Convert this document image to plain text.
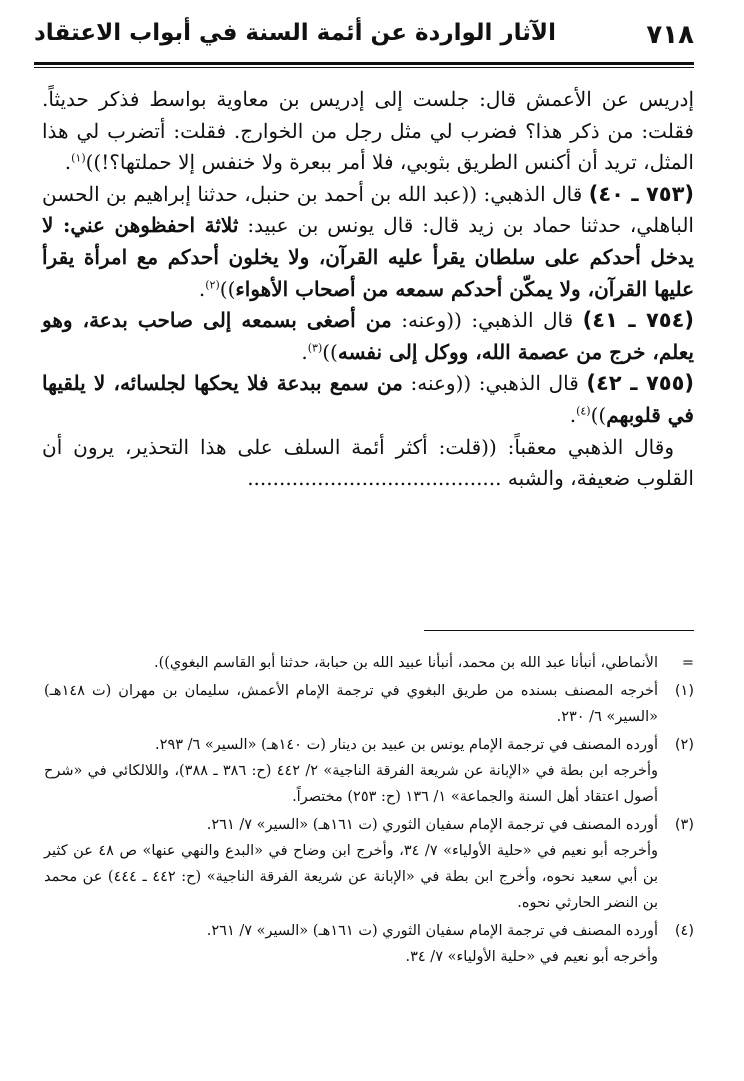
٧١٨
الآثار الواردة عن أئمة السنة في أبواب الاعتقاد

إدريس عن الأعمش قال: جلست إلى إدريس بن معاوية بواسط فذكر حديثاً. فقلت: من ذكر هذا؟ فضرب لي مثل رجل من الخوارج. فقلت: أتضرب لي هذا المثل، تريد أن أكنس الطريق بثوبي، فلا أمر ببعرة ولا خنفس إلا حملتها؟!))$^{(١)}$.

(٧٥٣ ـ ٤٠) قال الذهبي: ((عبد الله بن أحمد بن حنبل، حدثنا إبراهيم بن الحسن الباهلي، حدثنا حماد بن زيد قال: قال يونس بن عبيد: ثلاثة احفظوهن عني: لا يدخل أحدكم على سلطان يقرأ عليه القرآن، ولا يخلون أحدكم مع امرأة يقرأ عليها القرآن، ولا يمكّن أحدكم سمعه من أصحاب الأهواء))$^{(٢)}$.

(٧٥٤ ـ ٤١) قال الذهبي: ((وعنه: من أصغى بسمعه إلى صاحب بدعة، وهو يعلم، خرج من عصمة الله، ووكل إلى نفسه))$^{(٣)}$.

(٧٥٥ ـ ٤٢) قال الذهبي: ((وعنه: من سمع ببدعة فلا يحكها لجلسائه، لا يلقيها في قلوبهم))$^{(٤)}$.

وقال الذهبي معقباً: ((قلت: أكثر أئمة السلف على هذا التحذير، يرون أن القلوب ضعيفة، والشبه ........................................

=

الأنماطي، أنبأنا عبد الله بن محمد، أنبأنا عبيد الله بن حبابة، حدثنا أبو القاسم البغوي)).

(١)

أخرجه المصنف بسنده من طريق البغوي في ترجمة الإمام الأعمش، سليمان بن مهران (ت ١٤٨هـ) «السير» ٦/ ٢٣٠.

(٢)

أورده المصنف في ترجمة الإمام يونس بن عبيد بن دينار (ت ١٤٠هـ) «السير» ٦/ ٢٩٣.

وأخرجه ابن بطة في «الإبانة عن شريعة الفرقة الناجية» ٢/ ٤٤٢ (ح: ٣٨٦ ـ ٣٨٨)، واللالكائي في «شرح أصول اعتقاد أهل السنة والجماعة» ١/ ١٣٦ (ح: ٢٥٣) مختصراً.

(٣)

أورده المصنف في ترجمة الإمام سفيان الثوري (ت ١٦١هـ) «السير» ٧/ ٢٦١.

وأخرجه أبو نعيم في «حلية الأولياء» ٧/ ٣٤، وأخرج ابن وضاح في «البدع والنهي عنها» ص ٤٨ عن كثير بن أبي سعيد نحوه، وأخرج ابن بطة في «الإبانة عن شريعة الفرقة الناجية» (ح: ٤٤٢ ـ ٤٤٤) عن محمد بن النضر الحارثي نحوه.

(٤)

أورده المصنف في ترجمة الإمام سفيان الثوري (ت ١٦١هـ) «السير» ٧/ ٢٦١.

وأخرجه أبو نعيم في «حلية الأولياء» ٧/ ٣٤.
